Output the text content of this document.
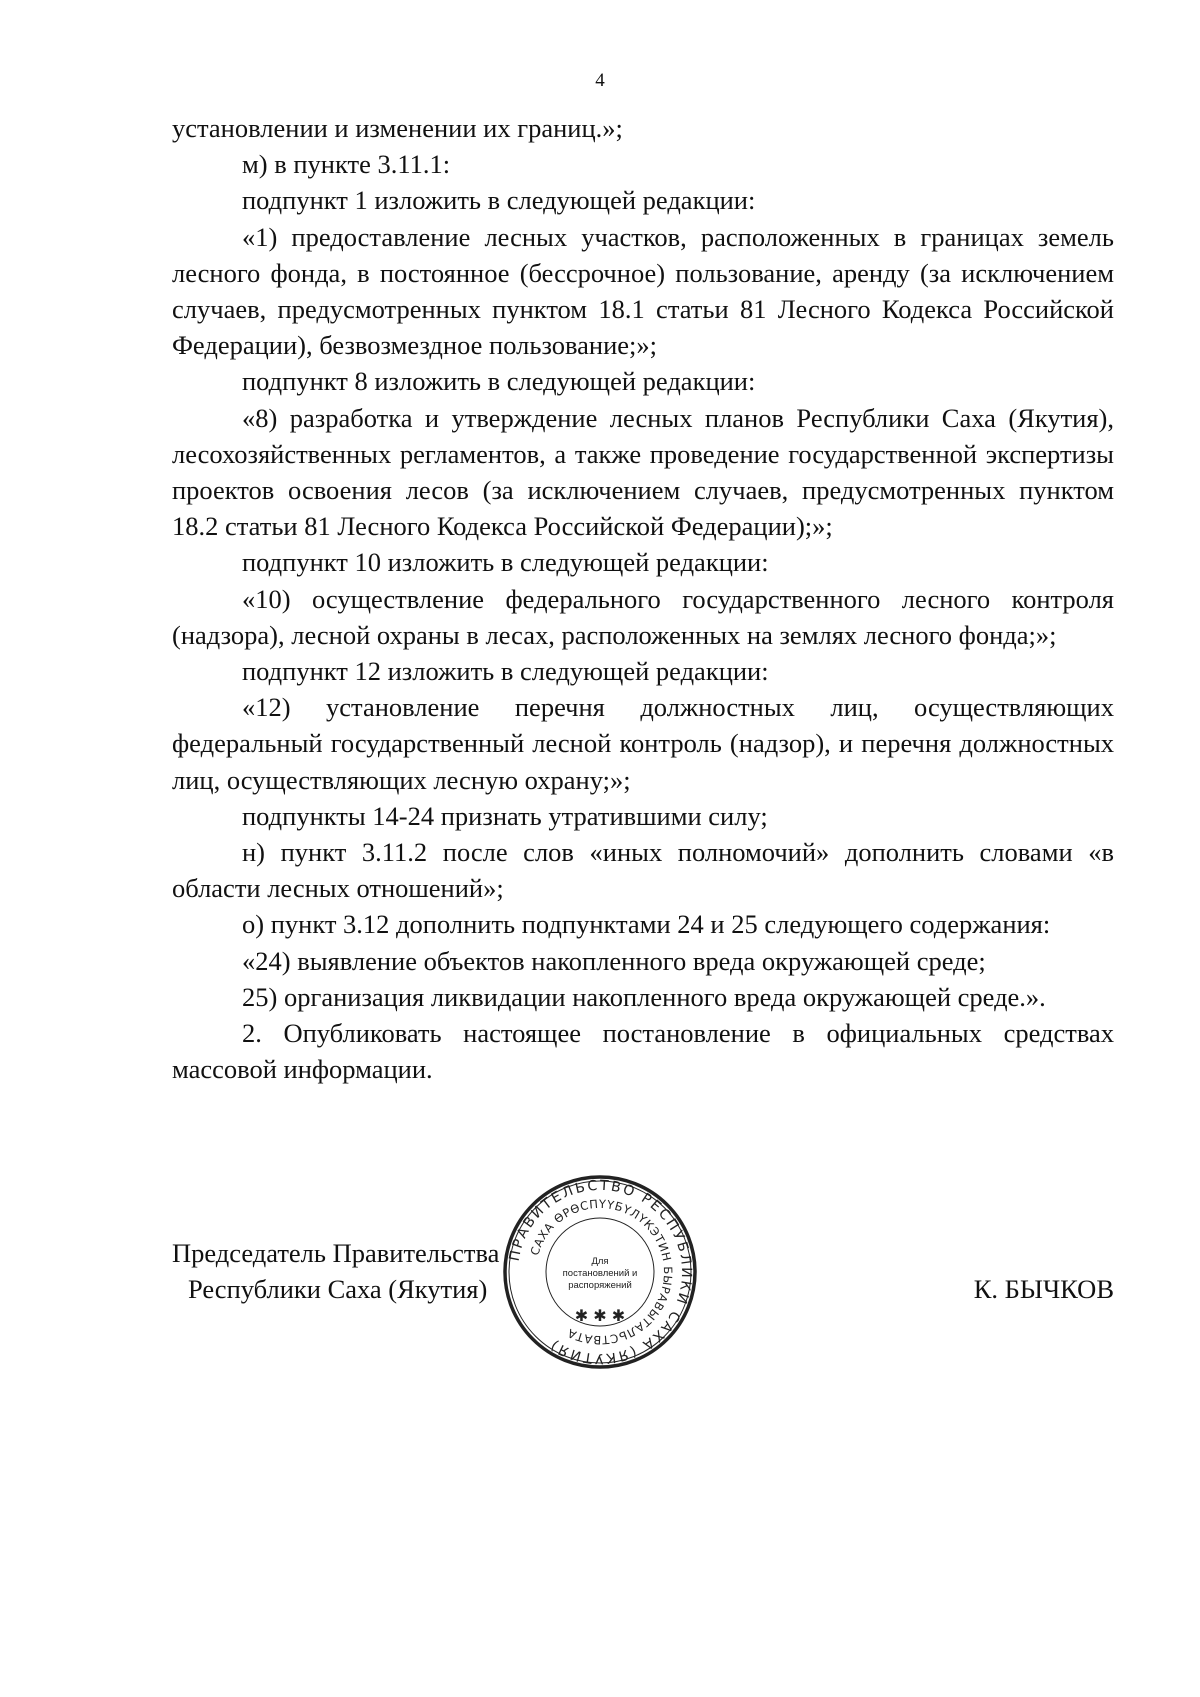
4

установлении и изменении их границ.»;

м) в пункте 3.11.1:

подпункт 1 изложить в следующей редакции:

«1) предоставление лесных участков, расположенных в границах земель лесного фонда, в постоянное (бессрочное) пользование, аренду (за исключением случаев, предусмотренных пунктом 18.1 статьи 81 Лесного Кодекса Российской Федерации), безвозмездное пользование;»;

подпункт 8 изложить в следующей редакции:

«8) разработка и утверждение лесных планов Республики Саха (Якутия), лесохозяйственных регламентов, а также проведение государственной экспертизы проектов освоения лесов (за исключением случаев, предусмотренных пунктом 18.2 статьи 81 Лесного Кодекса Российской Федерации);»;

подпункт 10 изложить в следующей редакции:

«10) осуществление федерального государственного лесного контроля (надзора), лесной охраны в лесах, расположенных на землях лесного фонда;»;

подпункт 12 изложить в следующей редакции:

«12) установление перечня должностных лиц, осуществляющих федеральный государственный лесной контроль (надзор), и перечня должностных лиц, осуществляющих лесную охрану;»;

подпункты 14-24 признать утратившими силу;

н) пункт 3.11.2 после слов «иных полномочий» дополнить словами «в области лесных отношений»;

о) пункт 3.12 дополнить подпунктами 24 и 25 следующего содержания:

«24) выявление объектов накопленного вреда окружающей среде;

25) организация ликвидации накопленного вреда окружающей среде.».

2. Опубликовать настоящее постановление в официальных средствах массовой информации.

Председатель Правительства
Республики Саха (Якутия)	К. БЫЧКОВ
ПРАВИТЕЛЬСТВО РЕСПУБЛИКИ САХА (ЯКУТИЯ)
САХА ӨРӨСПҮҮБҮЛҮКЭТИН БЫРАВЫТАЛЬСТВАТА
Для
постановлений и
распоряжений
✱ ✱ ✱
